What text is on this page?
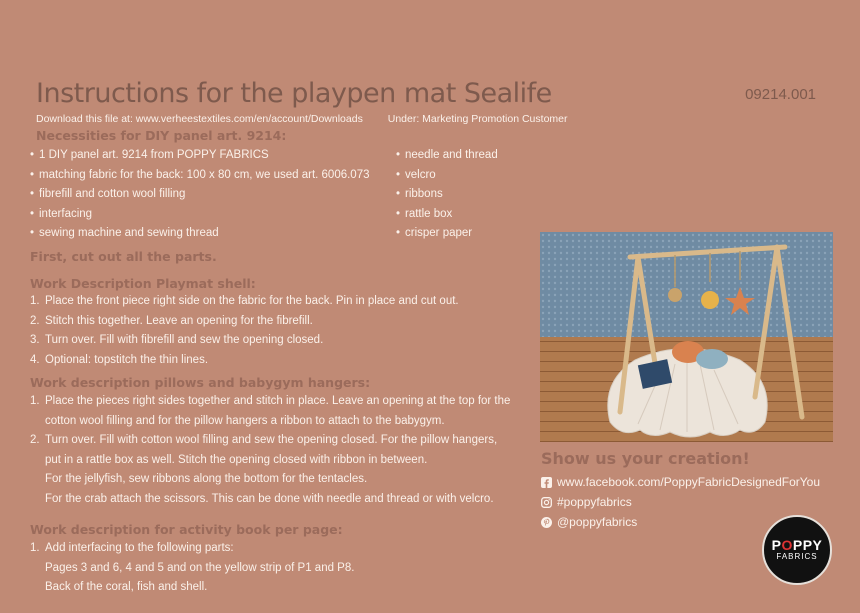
Instructions for the playpen mat Sealife	09214.001
Download this file at: www.verheestextiles.com/en/account/Downloads Under: Marketing Promotion Customer
Necessities for DIY panel art. 9214:
• 1 DIY panel art. 9214 from POPPY FABRICS
• matching fabric for the back: 100 x 80 cm, we used art. 6006.073
• fibrefill and cotton wool filling
• interfacing
• sewing machine and sewing thread
• needle and thread
• velcro
• ribbons
• rattle box
• crisper paper
First, cut out all the parts.
Work Description Playmat shell:
1. Place the front piece right side on the fabric for the back. Pin in place and cut out.
2. Stitch this together. Leave an opening for the fibrefill.
3. Turn over. Fill with fibrefill and sew the opening closed.
4. Optional: topstitch the thin lines.
Work description pillows and babygym hangers:
1. Place the pieces right sides together and stitch in place. Leave an opening at the top for the cotton wool filling and for the pillow hangers a ribbon to attach to the babygym.
2. Turn over. Fill with cotton wool filling and sew the opening closed. For the pillow hangers, put in a rattle box as well. Stitch the opening closed with ribbon in between.
For the jellyfish, sew ribbons along the bottom for the tentacles.
For the crab attach the scissors. This can be done with needle and thread or with velcro.
Work description for activity book per page:
1. Add interfacing to the following parts:
Pages 3 and 6, 4 and 5 and on the yellow strip of P1 and P8.
Back of the coral, fish and shell.
Show us your creation!
www.facebook.com/PoppyFabricDesignedForYou
#poppyfabrics
@poppyfabrics
POPPY
FABRICS
